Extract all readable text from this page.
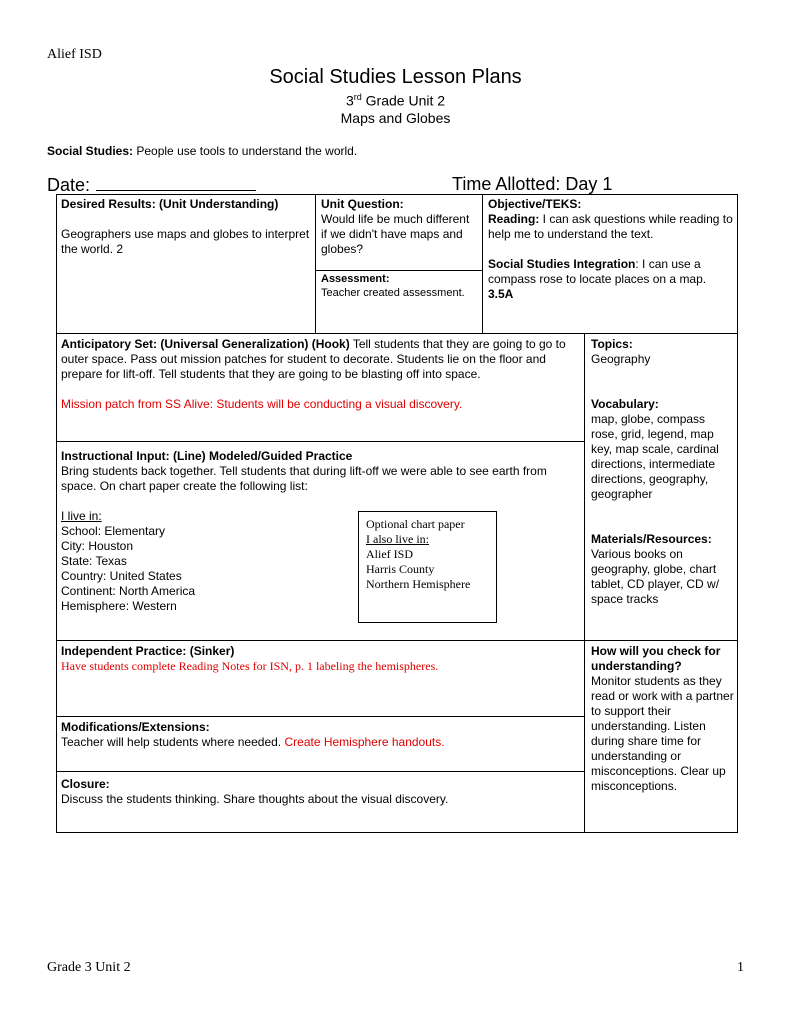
Alief ISD
Social Studies Lesson Plans
3rd Grade Unit 2
Maps and Globes
Social Studies: People use tools to understand the world.
Date:	Time Allotted: Day 1

Desired Results: (Unit Understanding)

Geographers use maps and globes to interpret the world. 2

Unit Question:

Would life be much different if we didn't have maps and globes?

Assessment:

Teacher created assessment.

Objective/TEKS:

Reading: I can ask questions while reading to help me to understand the text.

Social Studies Integration: I can use a compass rose to locate places on a map.

3.5A

Anticipatory Set: (Universal Generalization) (Hook) Tell students that they are going to go to outer space. Pass out mission patches for student to decorate. Students lie on the floor and prepare for lift-off. Tell students that they are going to be blasting off into space.

Mission patch from SS Alive: Students will be conducting a visual discovery.

Instructional Input: (Line) Modeled/Guided Practice

Bring students back together. Tell students that during lift-off we were able to see earth from space. On chart paper create the following list:

I live in:

School: Elementary

City: Houston

State: Texas

Country: United States

Continent: North America

Hemisphere: Western

Optional chart paper

I also live in:

Alief ISD

Harris County

Northern Hemisphere

Topics:

Geography

Vocabulary:

map, globe, compass rose, grid, legend, map key, map scale, cardinal directions, intermediate directions, geography, geographer

Materials/Resources:

Various books on geography, globe, chart tablet, CD player, CD w/ space tracks

Independent Practice: (Sinker)

Have students complete Reading Notes for ISN, p. 1 labeling the hemispheres.

How will you check for understanding?

Monitor students as they read or work with a partner to support their understanding. Listen during share time for understanding or misconceptions. Clear up misconceptions.

Modifications/Extensions:

Teacher will help students where needed. Create Hemisphere handouts.

Closure:

Discuss the students thinking. Share thoughts about the visual discovery.

Grade 3 Unit 2	1
